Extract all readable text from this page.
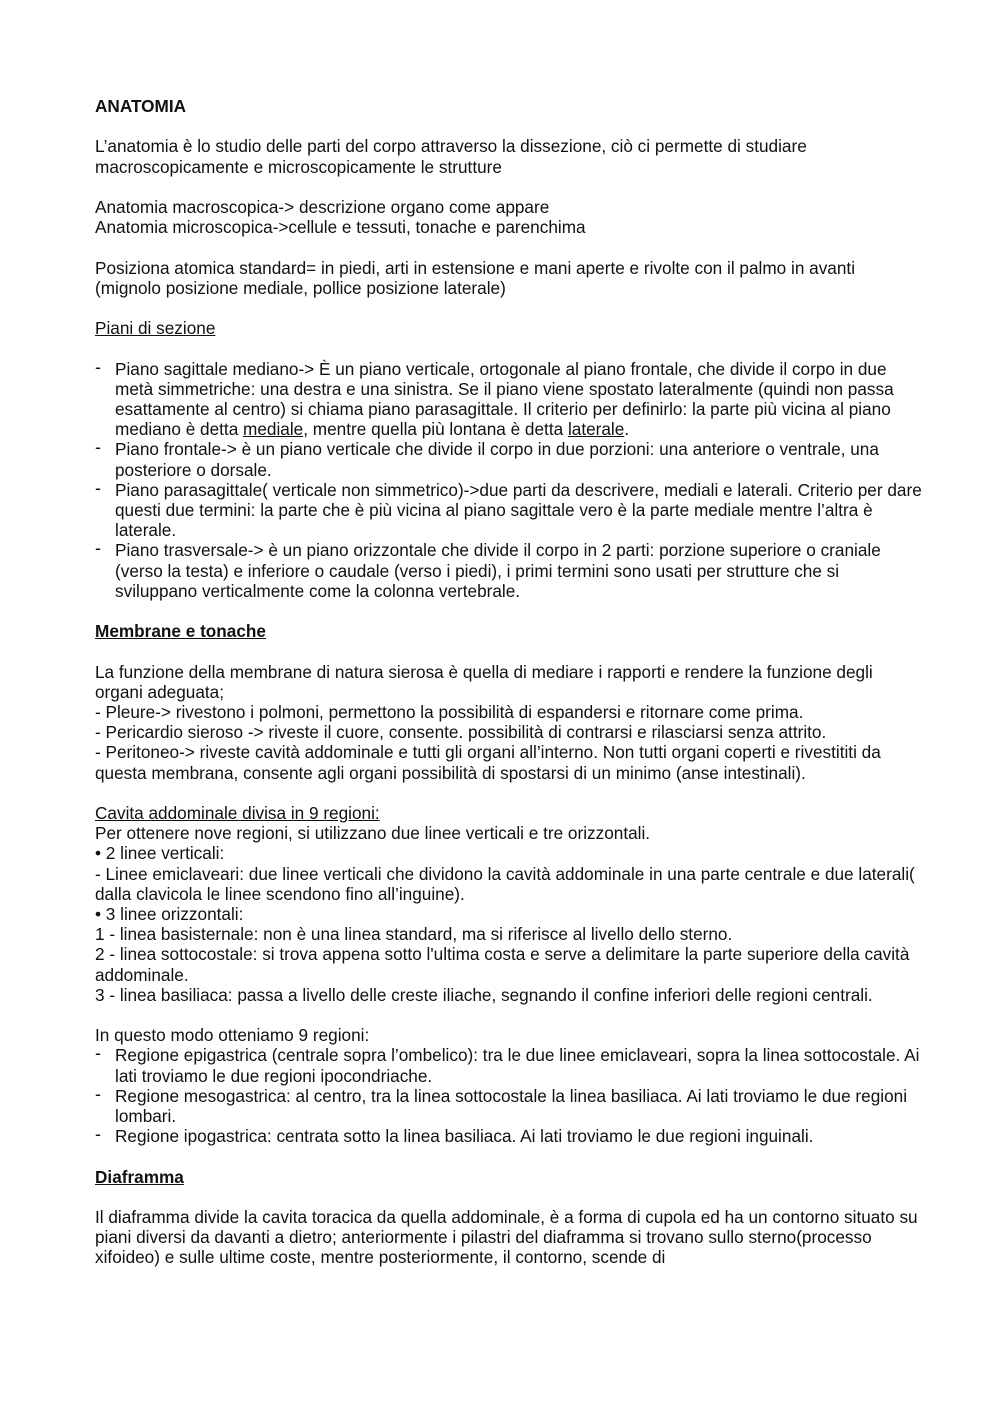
ANATOMIA

L’anatomia è lo studio delle parti del corpo attraverso la dissezione, ciò ci permette di studiare macroscopicamente e microscopicamente le strutture

Anatomia macroscopica-> descrizione organo come appare

Anatomia microscopica->cellule e tessuti, tonache e parenchima

Posiziona atomica standard= in piedi, arti in estensione e mani aperte e rivolte con il palmo in avanti (mignolo posizione mediale, pollice posizione laterale)

Piani di sezione

- Piano sagittale mediano-> È un piano verticale, ortogonale al piano frontale, che divide il corpo in due metà simmetriche: una destra e una sinistra. Se il piano viene spostato lateralmente (quindi non passa esattamente al centro) si chiama piano parasagittale. Il criterio per definirlo: la parte più vicina al piano mediano è detta mediale, mentre quella più lontana è detta laterale.
- Piano frontale-> è un piano verticale che divide il corpo in due porzioni: una anteriore o ventrale, una posteriore o dorsale.
- Piano parasagittale( verticale non simmetrico)->due parti da descrivere, mediali e laterali. Criterio per dare questi due termini: la parte che è più vicina al piano sagittale vero è la parte mediale mentre l’altra è laterale.
- Piano trasversale-> è un piano orizzontale che divide il corpo in 2 parti: porzione superiore o craniale (verso la testa) e inferiore o caudale (verso i piedi), i primi termini sono usati per strutture che si sviluppano verticalmente come la colonna vertebrale.

Membrane e tonache

La funzione della membrane di natura sierosa è quella di mediare i rapporti e rendere la funzione degli organi adeguata;

- Pleure-> rivestono i polmoni, permettono la possibilità di espandersi e ritornare come prima.

- Pericardio sieroso -> riveste il cuore, consente. possibilità di contrarsi e rilasciarsi senza attrito.

- Peritoneo-> riveste cavità addominale e tutti gli organi all’interno. Non tutti organi coperti e rivestititi da questa membrana, consente agli organi possibilità di spostarsi di un minimo (anse intestinali).

Cavita addominale divisa in 9 regioni:

Per ottenere nove regioni, si utilizzano due linee verticali e tre orizzontali.

• 2 linee verticali:

- Linee emiclaveari: due linee verticali che dividono la cavità addominale in una parte centrale e due laterali( dalla clavicola le linee scendono fino all’inguine).

• 3 linee orizzontali:

1 - linea basisternale: non è una linea standard, ma si riferisce al livello dello sterno.

2 - linea sottocostale: si trova appena sotto l'ultima costa e serve a delimitare la parte superiore della cavità addominale.

3 - linea basiliaca: passa a livello delle creste iliache, segnando il confine inferiori delle regioni centrali.

In questo modo otteniamo 9 regioni:

- Regione epigastrica (centrale sopra l’ombelico): tra le due linee emiclaveari, sopra la linea sottocostale. Ai lati troviamo le due regioni ipocondriache.
- Regione mesogastrica: al centro, tra la linea sottocostale la linea basiliaca. Ai lati troviamo le due regioni lombari.
- Regione ipogastrica: centrata sotto la linea basiliaca. Ai lati troviamo le due regioni inguinali.

Diaframma

Il diaframma divide la cavita toracica da quella addominale, è a forma di cupola ed ha un contorno situato su piani diversi da davanti a dietro; anteriormente i pilastri del diaframma si trovano sullo sterno(processo xifoideo) e sulle ultime coste, mentre posteriormente, il contorno, scende di
